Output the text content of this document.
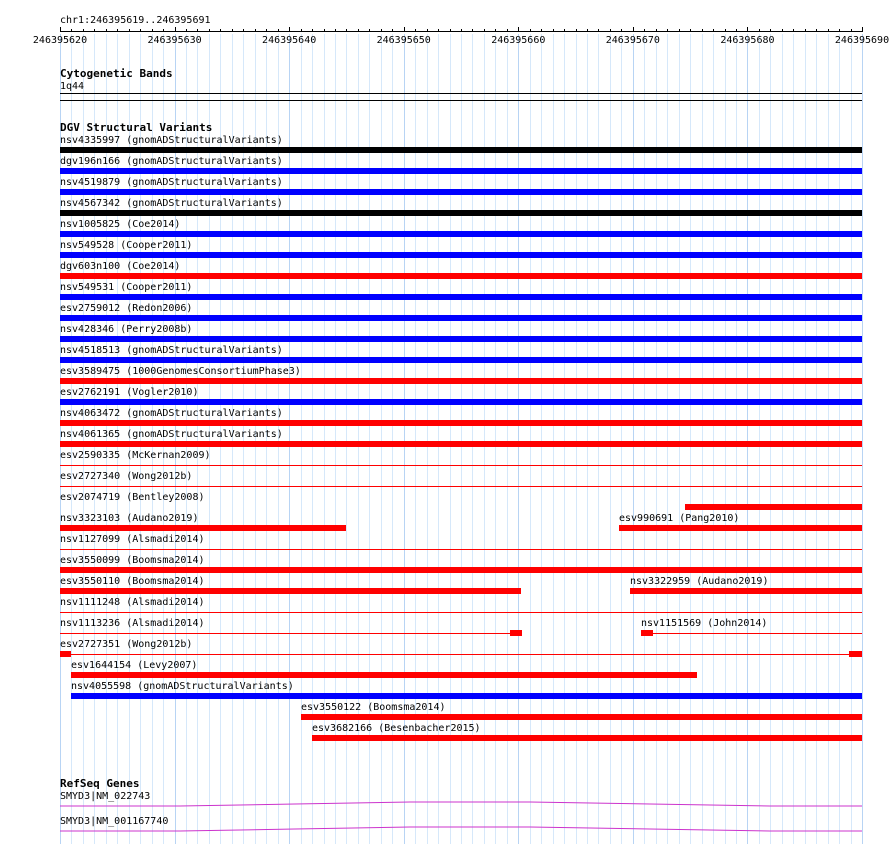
chr1:246395619..246395691
246395620	246395630	246395640	246395650	246395660	246395670	246395680	246395690
Cytogenetic Bands
1q44
DGV Structural Variants
nsv4335997 (gnomADStructuralVariants)
dgv196n166 (gnomADStructuralVariants)
nsv4519879 (gnomADStructuralVariants)
nsv4567342 (gnomADStructuralVariants)
nsv1005825 (Coe2014)
nsv549528 (Cooper2011)
dgv603n100 (Coe2014)
nsv549531 (Cooper2011)
esv2759012 (Redon2006)
nsv428346 (Perry2008b)
nsv4518513 (gnomADStructuralVariants)
esv3589475 (1000GenomesConsortiumPhase3)
esv2762191 (Vogler2010)
nsv4063472 (gnomADStructuralVariants)
nsv4061365 (gnomADStructuralVariants)
esv2590335 (McKernan2009)
esv2727340 (Wong2012b)
esv2074719 (Bentley2008)
nsv3323103 (Audano2019)	esv990691 (Pang2010)
nsv1127099 (Alsmadi2014)
esv3550099 (Boomsma2014)
esv3550110 (Boomsma2014)	nsv3322959 (Audano2019)
nsv1111248 (Alsmadi2014)
nsv1113236 (Alsmadi2014)	nsv1151569 (John2014)
esv2727351 (Wong2012b)
esv1644154 (Levy2007)
nsv4055598 (gnomADStructuralVariants)
esv3550122 (Boomsma2014)
esv3682166 (Besenbacher2015)
RefSeq Genes
SMYD3|NM_022743
SMYD3|NM_001167740
